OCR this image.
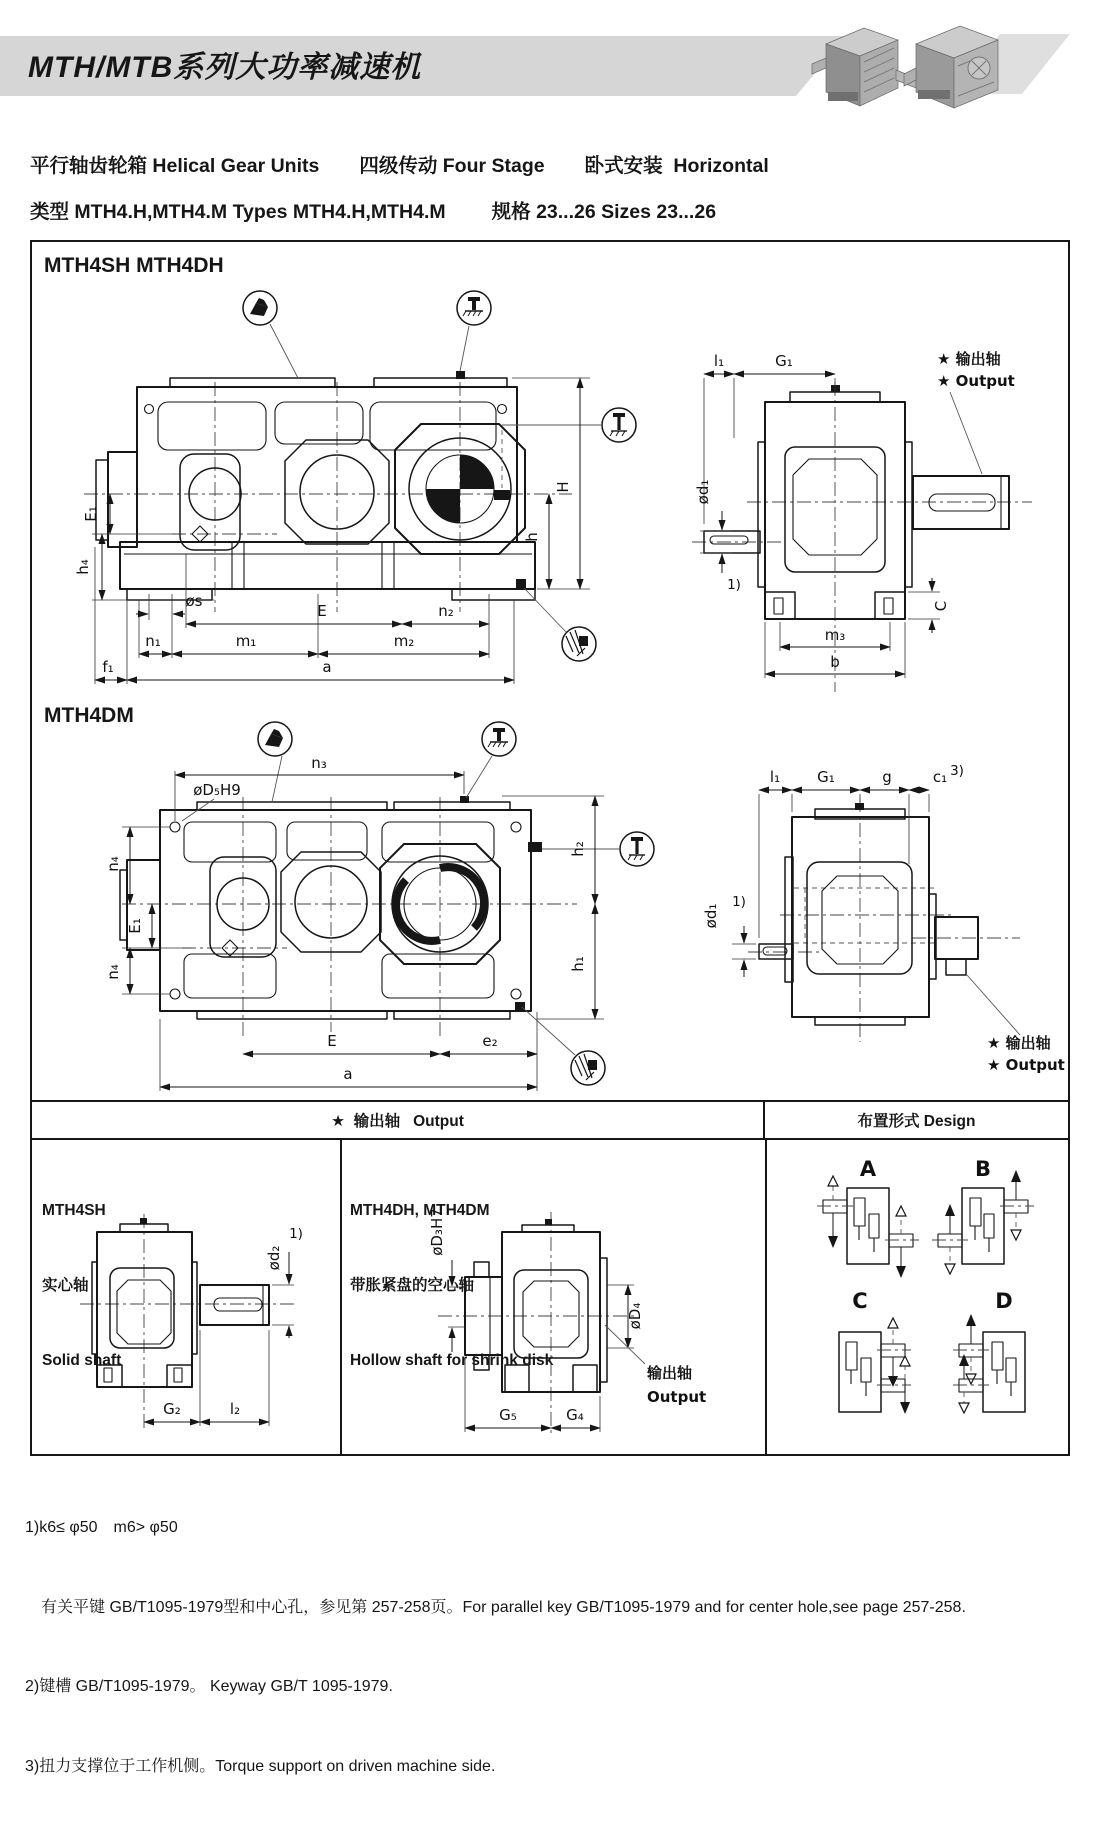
MTH/MTB系列大功率减速机
平行轴齿轮箱 Helical Gear Units 四级传动 Four Stage 卧式安装  Horizontal
类型 MTH4.H,MTH4.M Types MTH4.H,MTH4.M 规格 23...26 Sizes 23...26
MTH4SH MTH4DH
MTH4DM
E₁
h₄
h
H
øs
E	n₂
n₁	m₁	m₂
f₁	a
l₁	G₁	★ 输出轴
★ Output
ød₁
1)
m₃
b
C
n₃
øD₅H9
n₄
E₁
n₄
h₂
h₁
E	e₂
a
l₁ G₁	g	c₁ 3)
ød₁
1)
★ 输出轴
★ Output
★  输出轴   Output	布置形式 Design

MTH4SH

实心轴

Solid shaft

ød₂
1)
G₂	l₂

MTH4DH, MTH4DM

带胀紧盘的空心轴

Hollow shaft for shrink disk

øD₃H7
øD₄
输出轴
Output
G₅	G₄
A	B
C	D

1)k6≤ φ50　m6> φ50

　有关平键 GB/T1095-1979型和中心孔，参见第 257-258页。For parallel key GB/T1095-1979 and for center hole,see page 257-258.

2)键槽 GB/T1095-1979。 Keyway GB/T 1095-1979.

3)扭力支撑位于工作机侧。Torque support on driven machine side.
